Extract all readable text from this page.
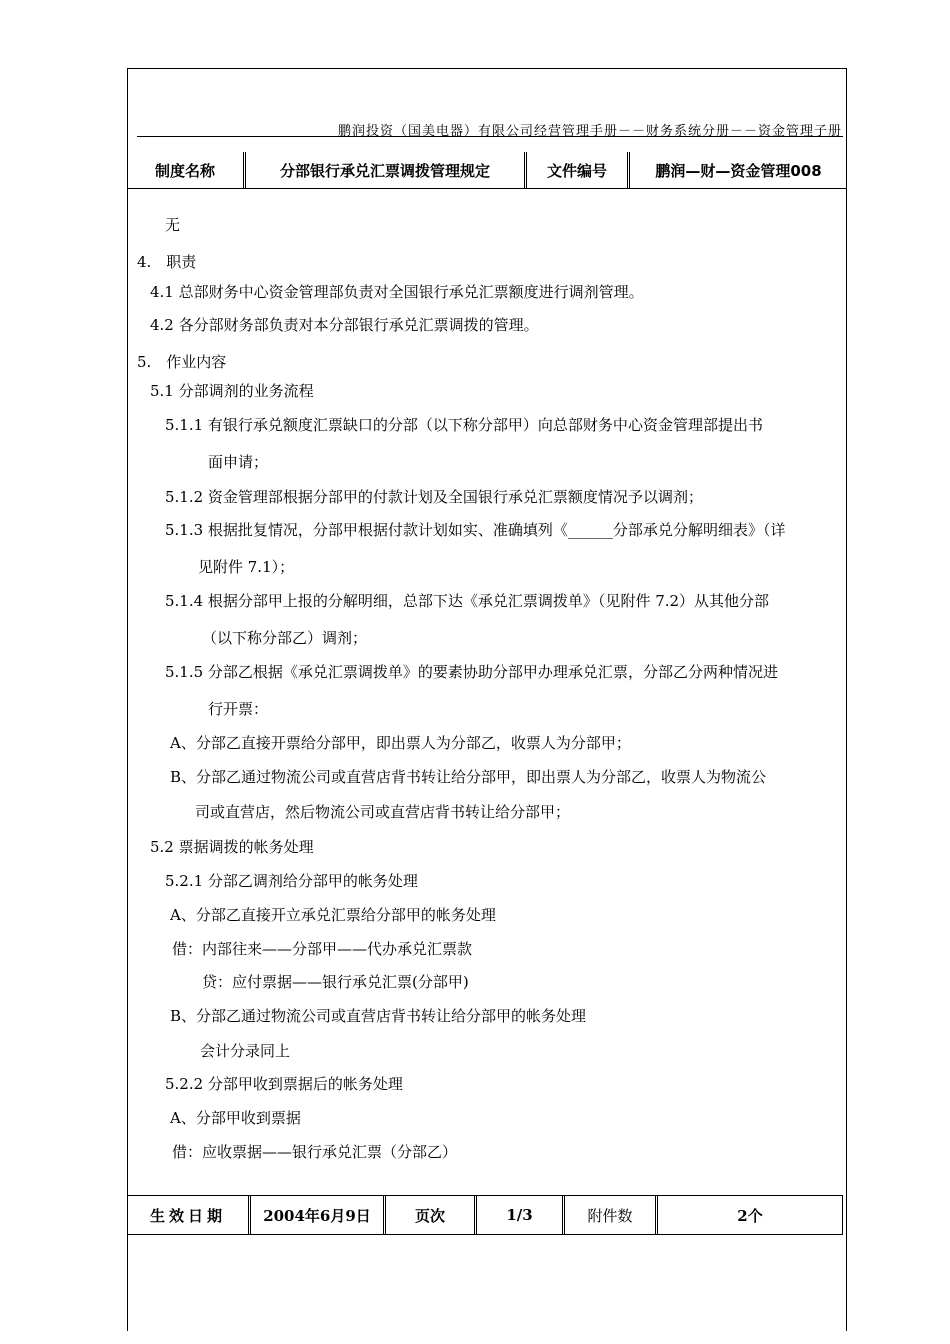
鹏润投资（国美电器）有限公司经营管理手册－－财务系统分册－－资金管理子册
制度名称	分部银行承兑汇票调拨管理规定	文件编号	鹏润—财—资金管理008
无
4.　职责
4.1 总部财务中心资金管理部负责对全国银行承兑汇票额度进行调剂管理。
4.2 各分部财务部负责对本分部银行承兑汇票调拨的管理。
5.　作业内容
5.1 分部调剂的业务流程
5.1.1 有银行承兑额度汇票缺口的分部（以下称分部甲）向总部财务中心资金管理部提出书
面申请；
5.1.2 资金管理部根据分部甲的付款计划及全国银行承兑汇票额度情况予以调剂；
5.1.3 根据批复情况，分部甲根据付款计划如实、准确填列《______分部承兑分解明细表》（详
见附件 7.1）；
5.1.4 根据分部甲上报的分解明细，总部下达《承兑汇票调拨单》（见附件 7.2）从其他分部
（以下称分部乙）调剂；
5.1.5 分部乙根据《承兑汇票调拨单》的要素协助分部甲办理承兑汇票，分部乙分两种情况进
行开票：
A、分部乙直接开票给分部甲，即出票人为分部乙，收票人为分部甲；
B、分部乙通过物流公司或直营店背书转让给分部甲，即出票人为分部乙，收票人为物流公
司或直营店，然后物流公司或直营店背书转让给分部甲；
5.2 票据调拨的帐务处理
5.2.1 分部乙调剂给分部甲的帐务处理
A、分部乙直接开立承兑汇票给分部甲的帐务处理
借：内部往来——分部甲——代办承兑汇票款
贷：应付票据——银行承兑汇票(分部甲)
B、分部乙通过物流公司或直营店背书转让给分部甲的帐务处理
会计分录同上
5.2.2 分部甲收到票据后的帐务处理
A、分部甲收到票据
借：应收票据——银行承兑汇票（分部乙）
生效日期	2004年6月9日	页次	1/3	附件数	2个
